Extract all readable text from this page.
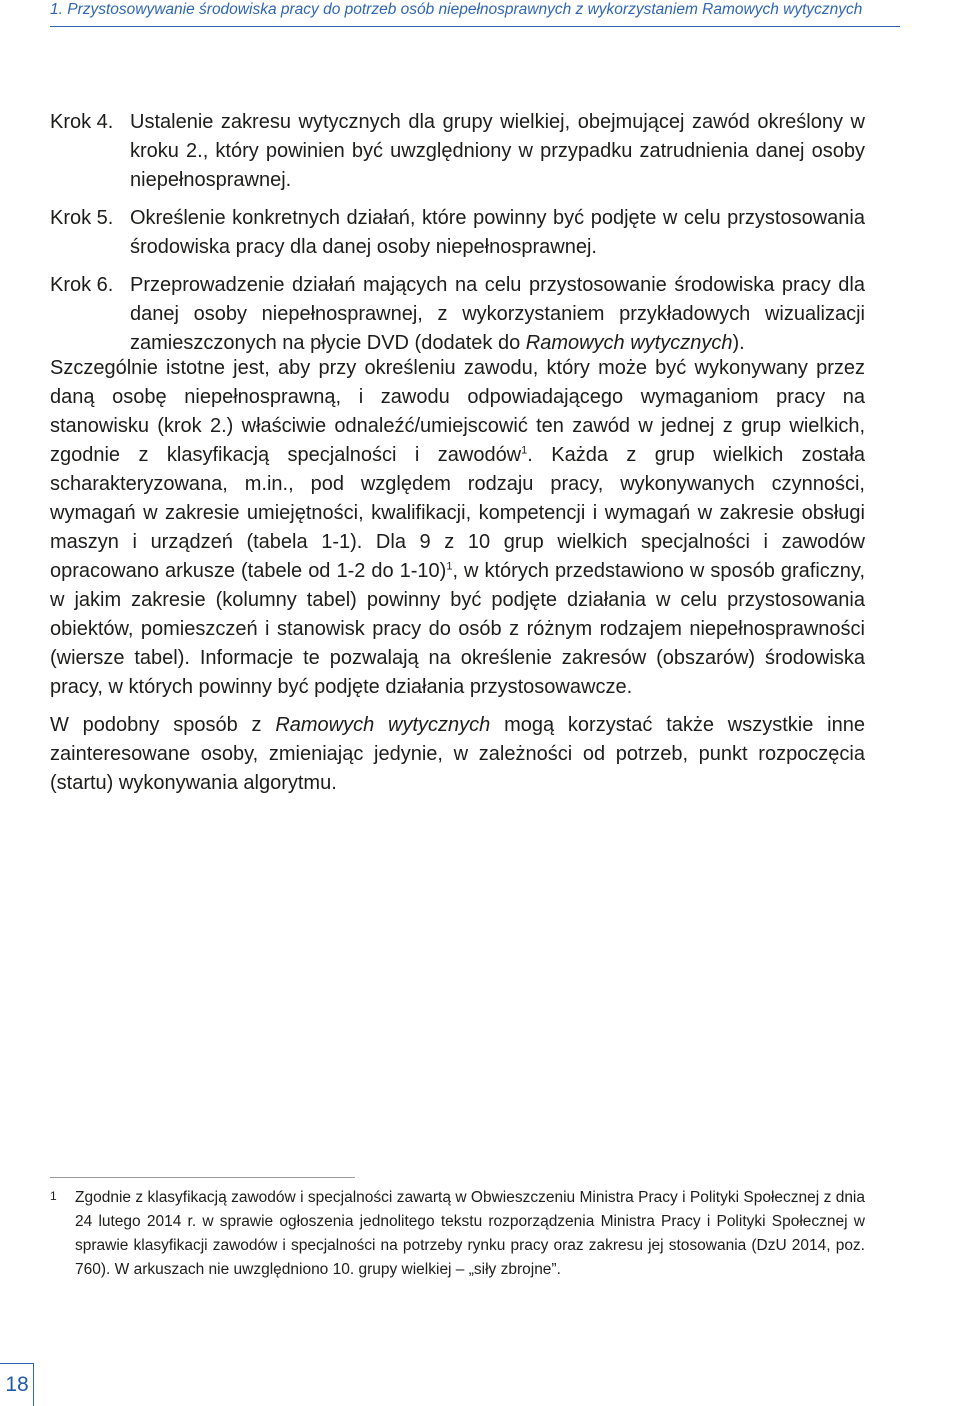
1. Przystosowywanie środowiska pracy do potrzeb osób niepełnosprawnych z wykorzystaniem Ramowych wytycznych
Krok 4. Ustalenie zakresu wytycznych dla grupy wielkiej, obejmującej zawód określony w kroku 2., który powinien być uwzględniony w przypadku zatrudnienia danej osoby niepełnosprawnej.
Krok 5. Określenie konkretnych działań, które powinny być podjęte w celu przystosowania środowiska pracy dla danej osoby niepełnosprawnej.
Krok 6. Przeprowadzenie działań mających na celu przystosowanie środowiska pracy dla danej osoby niepełnosprawnej, z wykorzystaniem przykładowych wizualizacji zamieszczonych na płycie DVD (dodatek do Ramowych wytycznych).

Szczególnie istotne jest, aby przy określeniu zawodu, który może być wykonywany przez daną osobę niepełnosprawną, i zawodu odpowiadającego wymaganiom pracy na stanowisku (krok 2.) właściwie odnaleźć/umiejscowić ten zawód w jednej z grup wielkich, zgodnie z klasyfikacją specjalności i zawodów$^1$. Każda z grup wielkich została scharakteryzowana, m.in., pod względem rodzaju pracy, wykonywanych czynności, wymagań w zakresie umiejętności, kwalifikacji, kompetencji i wymagań w zakresie obsługi maszyn i urządzeń (tabela 1-1). Dla 9 z 10 grup wielkich specjalności i zawodów opracowano arkusze (tabele od 1-2 do 1-10)$^1$, w których przedstawiono w sposób graficzny, w jakim zakresie (kolumny tabel) powinny być podjęte działania w celu przystosowania obiektów, pomieszczeń i stanowisk pracy do osób z różnym rodzajem niepełnosprawności (wiersze tabel). Informacje te pozwalają na określenie zakresów (obszarów) środowiska pracy, w których powinny być podjęte działania przystosowawcze.

W podobny sposób z Ramowych wytycznych mogą korzystać także wszystkie inne zainteresowane osoby, zmieniając jedynie, w zależności od potrzeb, punkt rozpoczęcia (startu) wykonywania algorytmu.

1	Zgodnie z klasyfikacją zawodów i specjalności zawartą w Obwieszczeniu Ministra Pracy i Polityki Społecznej z dnia 24 lutego 2014 r. w sprawie ogłoszenia jednolitego tekstu rozporządzenia Ministra Pracy i Polityki Społecznej w sprawie klasyfikacji zawodów i specjalności na potrzeby rynku pracy oraz zakresu jej stosowania (DzU 2014, poz. 760). W arkuszach nie uwzględniono 10. grupy wielkiej – „siły zbrojne”.
18
